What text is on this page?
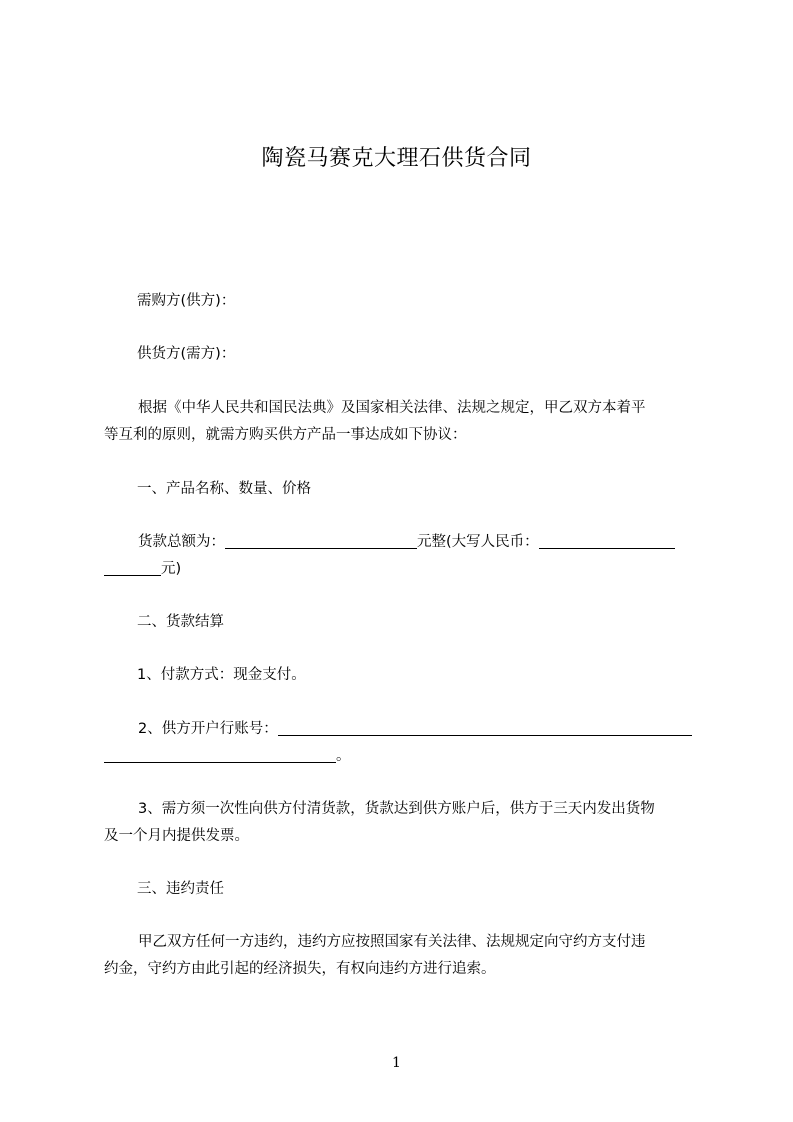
陶瓷马赛克大理石供货合同
需购方(供方)：
供货方(需方)：
根据《中华人民共和国民法典》及国家相关法律、法规之规定，甲乙双方本着平
等互利的原则，就需方购买供方产品一事达成如下协议：
一、产品名称、数量、价格
货款总额为：	元整(大写人民币：
元)
二、货款结算
1、付款方式：现金支付。
2、供方开户行账号：
。
3、需方须一次性向供方付清货款，货款达到供方账户后，供方于三天内发出货物
及一个月内提供发票。
三、违约责任
甲乙双方任何一方违约，违约方应按照国家有关法律、法规规定向守约方支付违
约金，守约方由此引起的经济损失，有权向违约方进行追索。
1
